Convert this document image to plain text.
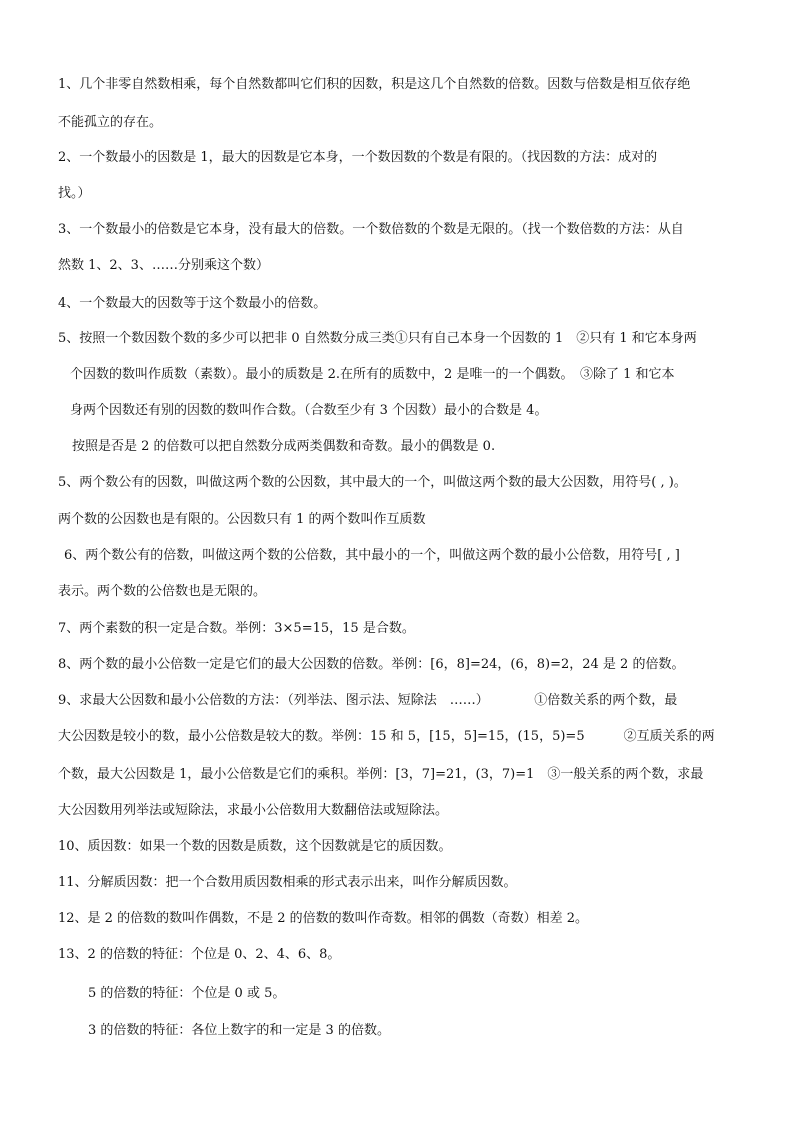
1、几个非零自然数相乘，每个自然数都叫它们积的因数，积是这几个自然数的倍数。因数与倍数是相互依存绝
不能孤立的存在。
2、一个数最小的因数是 1，最大的因数是它本身，一个数因数的个数是有限的。（找因数的方法：成对的
找。）
3、一个数最小的倍数是它本身，没有最大的倍数。一个数倍数的个数是无限的。（找一个数倍数的方法：从自
然数 1、2、3、……分别乘这个数）
4、一个数最大的因数等于这个数最小的倍数。
5、按照一个数因数个数的多少可以把非 0 自然数分成三类①只有自己本身一个因数的 1　②只有 1 和它本身两
个因数的数叫作质数（素数）。最小的质数是 2.在所有的质数中，2 是唯一的一个偶数。　③除了 1 和它本
身两个因数还有别的因数的数叫作合数。（合数至少有 3 个因数）最小的合数是 4。
按照是否是 2 的倍数可以把自然数分成两类偶数和奇数。最小的偶数是 0.
5、两个数公有的因数，叫做这两个数的公因数，其中最大的一个，叫做这两个数的最大公因数，用符号( , )。
两个数的公因数也是有限的。公因数只有 1 的两个数叫作互质数
6、两个数公有的倍数，叫做这两个数的公倍数，其中最小的一个，叫做这两个数的最小公倍数，用符号[ , ]
表示。两个数的公倍数也是无限的。
7、两个素数的积一定是合数。举例：3×5=15，15 是合数。
8、两个数的最小公倍数一定是它们的最大公因数的倍数。举例：[6，8]=24，(6，8)=2，24 是 2 的倍数。
9、求最大公因数和最小公倍数的方法：（列举法、图示法、短除法　……）　　　　①倍数关系的两个数，最
大公因数是较小的数，最小公倍数是较大的数。举例：15 和 5，[15，5]=15，(15，5)=5　　　②互质关系的两
个数，最大公因数是 1，最小公倍数是它们的乘积。举例：[3，7]=21，(3，7)=1　③一般关系的两个数，求最
大公因数用列举法或短除法，求最小公倍数用大数翻倍法或短除法。
10、质因数：如果一个数的因数是质数，这个因数就是它的质因数。
11、分解质因数：把一个合数用质因数相乘的形式表示出来，叫作分解质因数。
12、是 2 的倍数的数叫作偶数，不是 2 的倍数的数叫作奇数。相邻的偶数（奇数）相差 2。
13、2 的倍数的特征：个位是 0、2、4、6、8。
5 的倍数的特征：个位是 0 或 5。
3 的倍数的特征：各位上数字的和一定是 3 的倍数。
